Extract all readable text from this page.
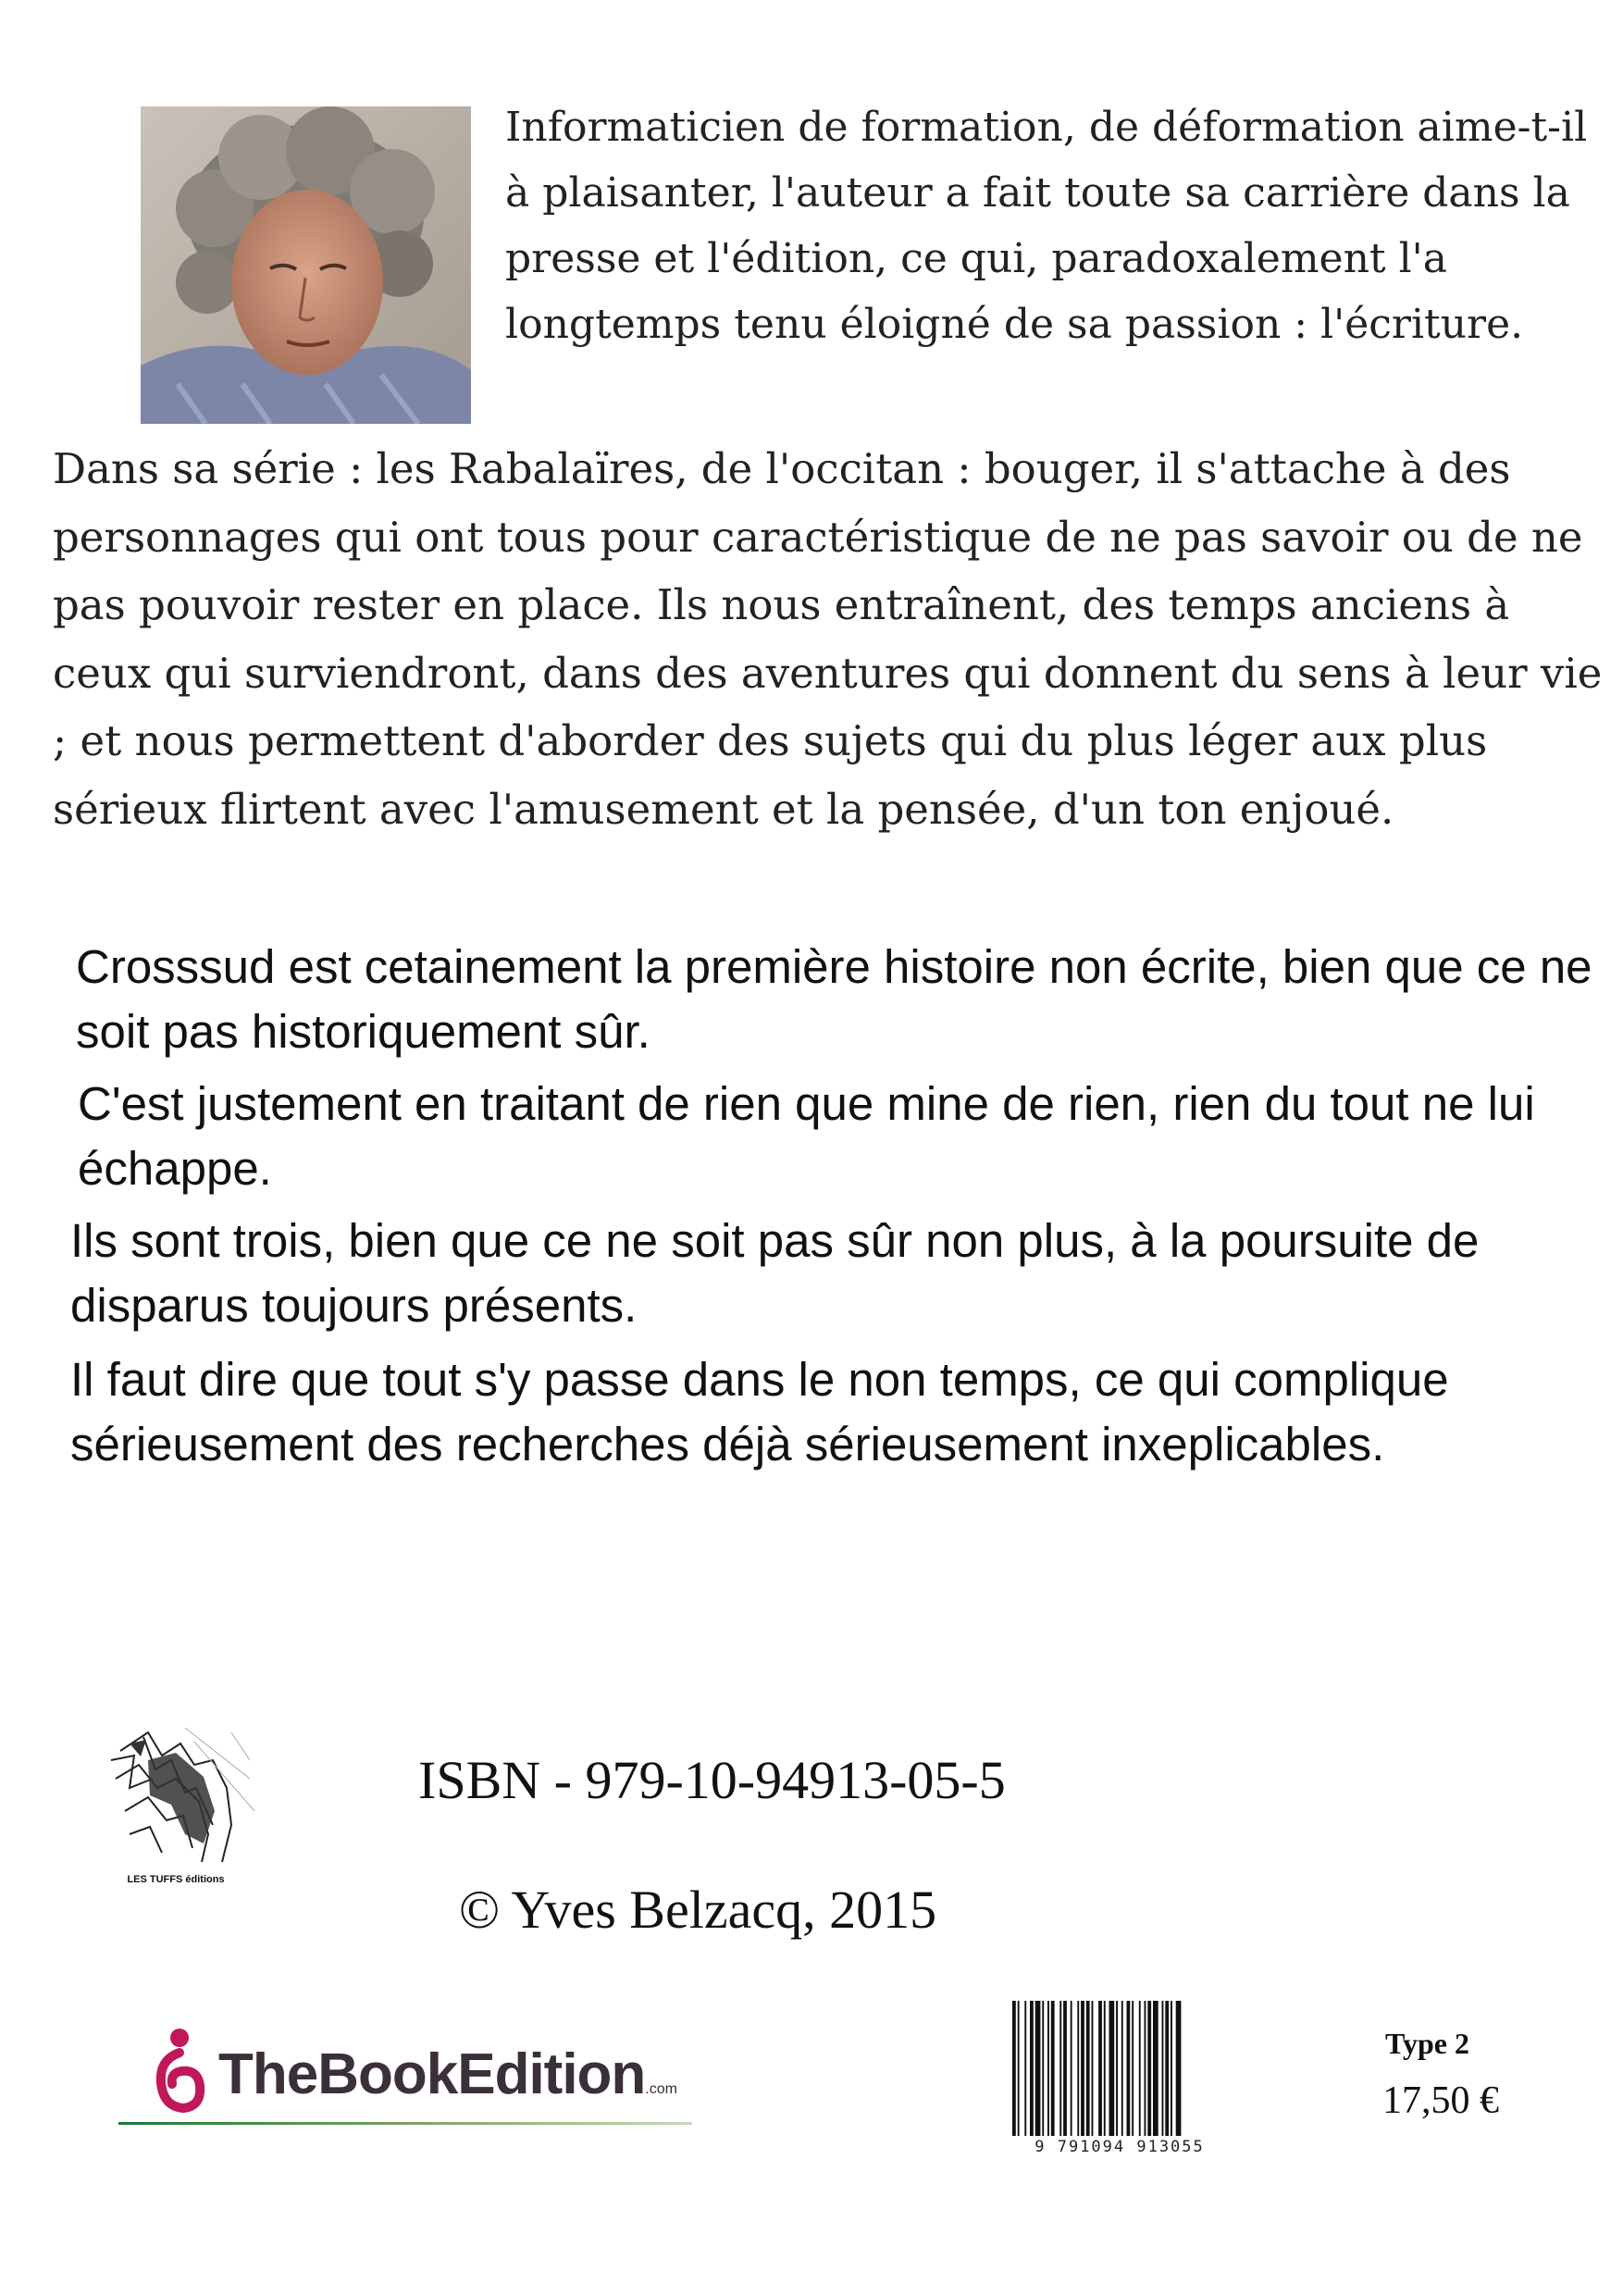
Informaticien de formation, de déformation aime-t-il à plaisanter, l'auteur a fait toute sa carrière dans la presse et l'édition, ce qui, paradoxalement l'a longtemps tenu éloigné de sa passion : l'écriture.
Dans sa série : les Rabalaïres, de l'occitan : bouger, il s'attache à des personnages qui ont tous pour caractéristique de ne pas savoir ou de ne pas pouvoir rester en place. Ils nous entraînent, des temps anciens à ceux qui surviendront, dans des aventures qui donnent du sens à leur vie ; et nous permettent d'aborder des sujets qui du plus léger aux plus sérieux flirtent avec l'amusement et la pensée, d'un ton enjoué.
Crosssud est cetainement la première histoire non écrite, bien que ce ne soit pas historiquement sûr.
C'est justement en traitant de rien que mine de rien, rien du tout ne lui échappe.
Ils sont trois, bien que ce ne soit pas sûr non plus, à la poursuite de disparus toujours présents.
Il faut dire que tout s'y passe dans le non temps, ce qui complique sérieusement des recherches déjà sérieusement inxeplicables.
LES TUFFS éditions
ISBN - 979-10-94913-05-5
© Yves Belzacq, 2015
TheBookEdition.com
9 791094 913055
Type 2
17,50 €
